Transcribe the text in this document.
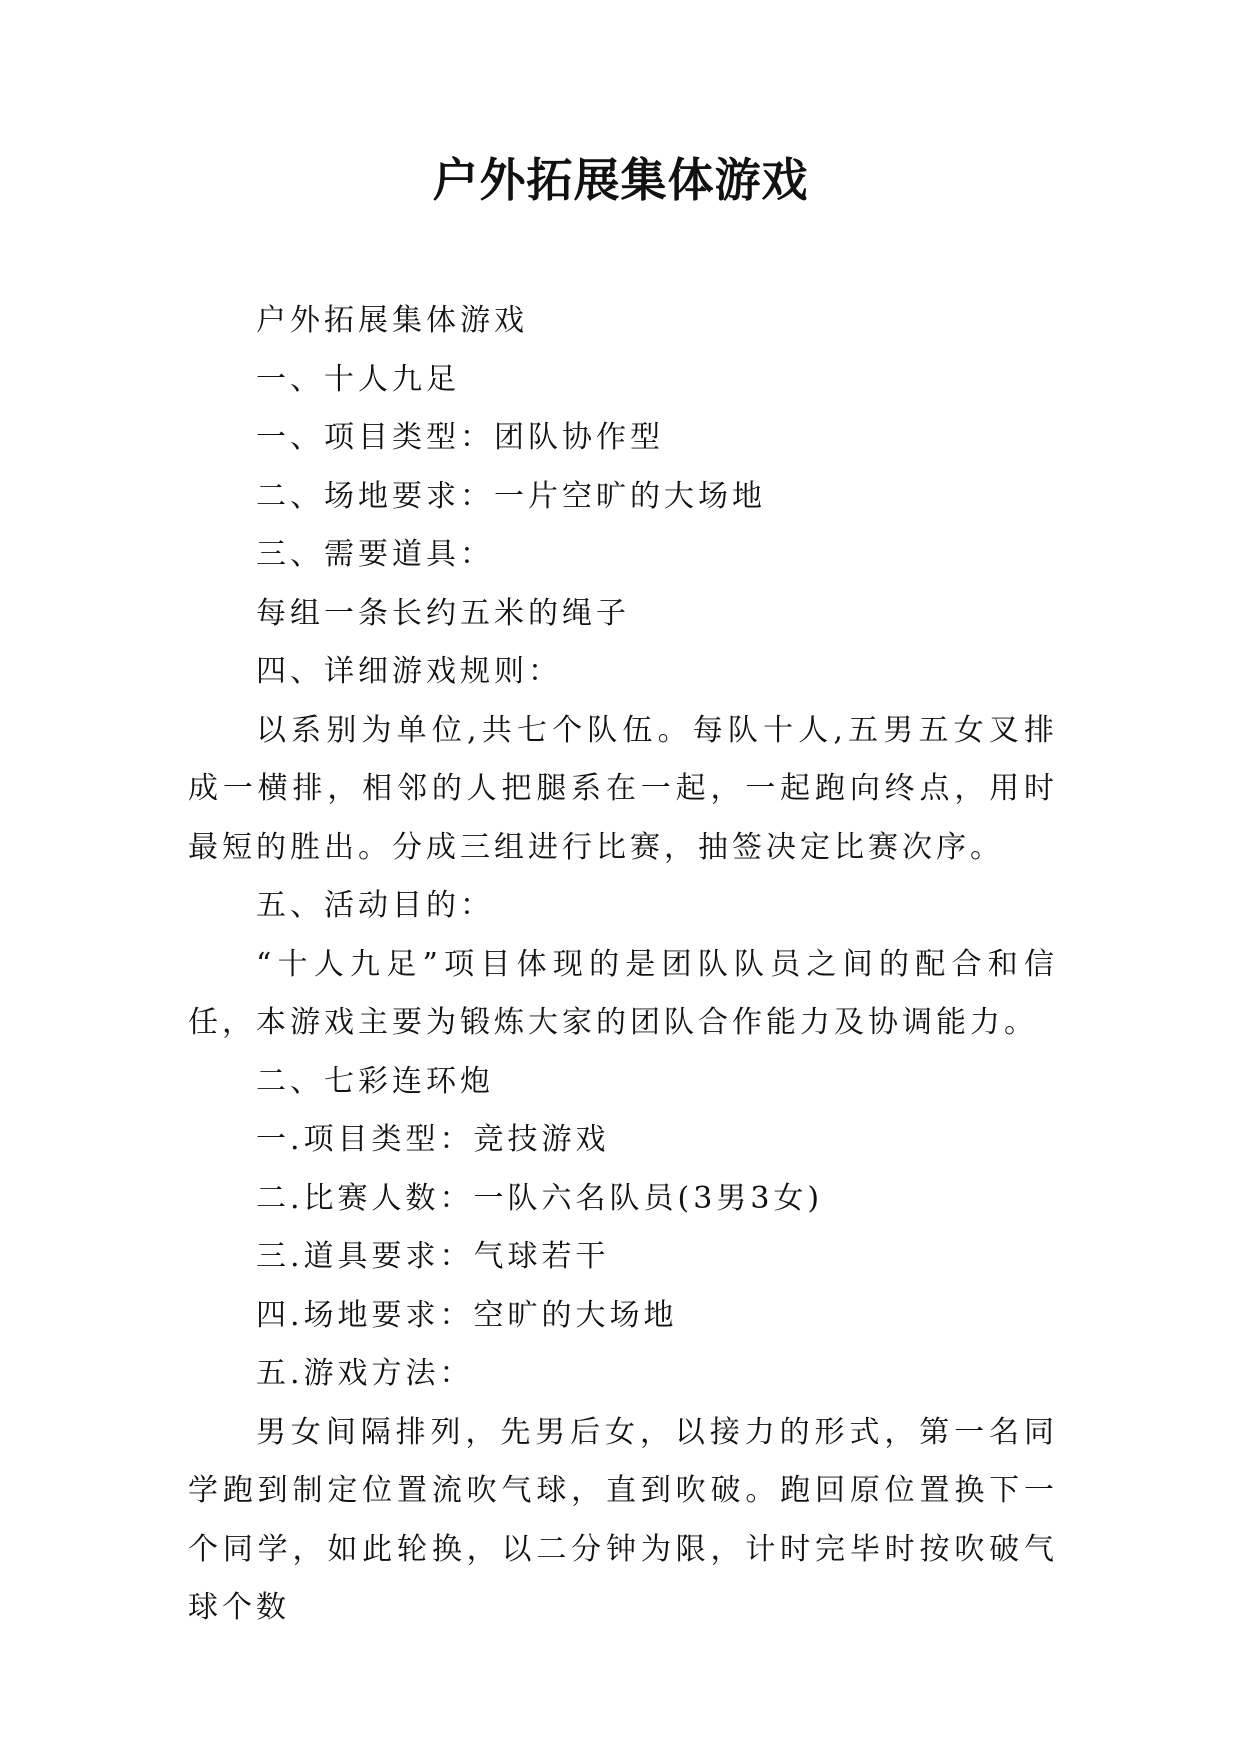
户外拓展集体游戏

户外拓展集体游戏

一、十人九足

一、项目类型：团队协作型

二、场地要求：一片空旷的大场地

三、需要道具：

每组一条长约五米的绳子

四、详细游戏规则：

以系别为单位,共七个队伍。每队十人,五男五女叉排成一横排，相邻的人把腿系在一起，一起跑向终点，用时最短的胜出。分成三组进行比赛，抽签决定比赛次序。

五、活动目的：

“十人九足”项目体现的是团队队员之间的配合和信任，本游戏主要为锻炼大家的团队合作能力及协调能力。

二、七彩连环炮

一.项目类型：竞技游戏

二.比赛人数：一队六名队员(3男3女)

三.道具要求：气球若干

四.场地要求：空旷的大场地

五.游戏方法：

男女间隔排列，先男后女，以接力的形式，第一名同学跑到制定位置流吹气球，直到吹破。跑回原位置换下一个同学，如此轮换，以二分钟为限，计时完毕时按吹破气球个数
